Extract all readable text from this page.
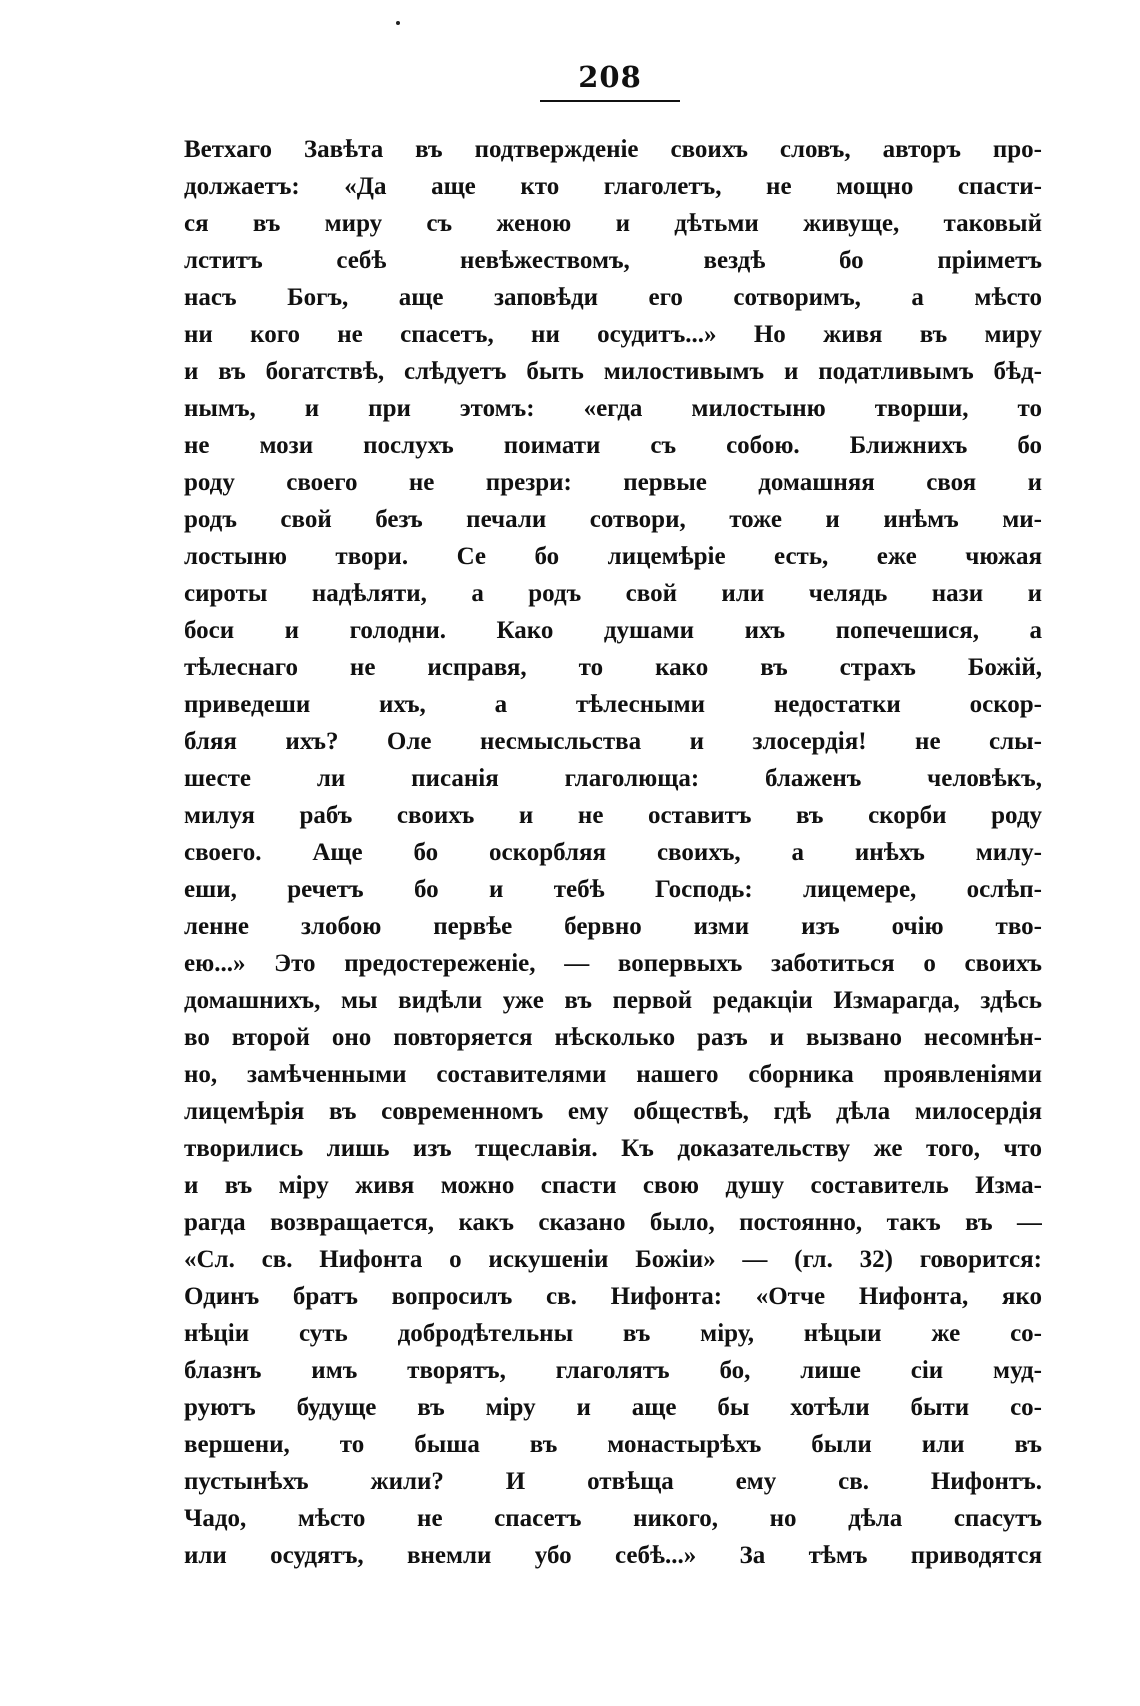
208
Ветхаго Завѣта въ подтвержденіе своихъ словъ, авторъ про-
должаетъ: «Да аще кто глаголетъ, не мощно спасти-
ся въ миру съ женою и дѣтьми живуще, таковый
лститъ себѣ невѣжествомъ, вездѣ бо пріиметъ
насъ Богъ, аще заповѣди его сотворимъ, а мѣсто
ни кого не спасетъ, ни осудитъ...» Но живя въ миру
и въ богатствѣ, слѣдуетъ быть милостивымъ и податливымъ бѣд-
нымъ, и при этомъ: «егда милостыню творши, то
не мози послухъ поимати съ собою. Ближнихъ бо
роду своего не презри: первые домашняя своя и
родъ свой безъ печали сотвори, тоже и инѣмъ ми-
лостыню твори. Се бо лицемѣріе есть, еже чюжая
сироты надѣляти, а родъ свой или челядь нази и
боси и голодни. Како душами ихъ попечешися, а
тѣлеснаго не исправя, то како въ страхъ Божій,
приведеши ихъ, а тѣлесными недостатки оскор-
бляя ихъ? Оле несмысльства и злосердія! не слы-
шесте ли писанія глаголюща: блаженъ человѣкъ,
милуя рабъ своихъ и не оставитъ въ скорби роду
своего. Аще бо оскорбляя своихъ, а инѣхъ милу-
еши, речетъ бо и тебѣ Господь: лицемере, ослѣп-
ленне злобою первѣе бервно изми изъ очію тво-
ею...» Это предостереженіе, — вопервыхъ заботиться о своихъ
домашнихъ, мы видѣли уже въ первой редакціи Измарагда, здѣсь
во второй оно повторяется нѣсколько разъ и вызвано несомнѣн-
но, замѣченными составителями нашего сборника проявленіями
лицемѣрія въ современномъ ему обществѣ, гдѣ дѣла милосердія
творились лишь изъ тщеславія. Къ доказательству же того, что
и въ міру живя можно спасти свою душу составитель Изма-
рагда возвращается, какъ сказано было, постоянно, такъ въ —
«Сл. св. Нифонта о искушеніи Божіи» — (гл. 32) говорится:
Одинъ братъ вопросилъ св. Нифонта: «Отче Нифонта, яко
нѣціи суть добродѣтельны въ міру, нѣцыи же со-
блазнъ имъ творятъ, глаголятъ бо, лише сіи муд-
руютъ будуще въ міру и аще бы хотѣли быти со-
вершени, то быша въ монастырѣхъ были или въ
пустынѣхъ жили? И отвѣща ему св. Нифонтъ.
Чадо, мѣсто не спасетъ никого, но дѣла спасутъ
или осудятъ, внемли убо себѣ...» За тѣмъ приводятся
